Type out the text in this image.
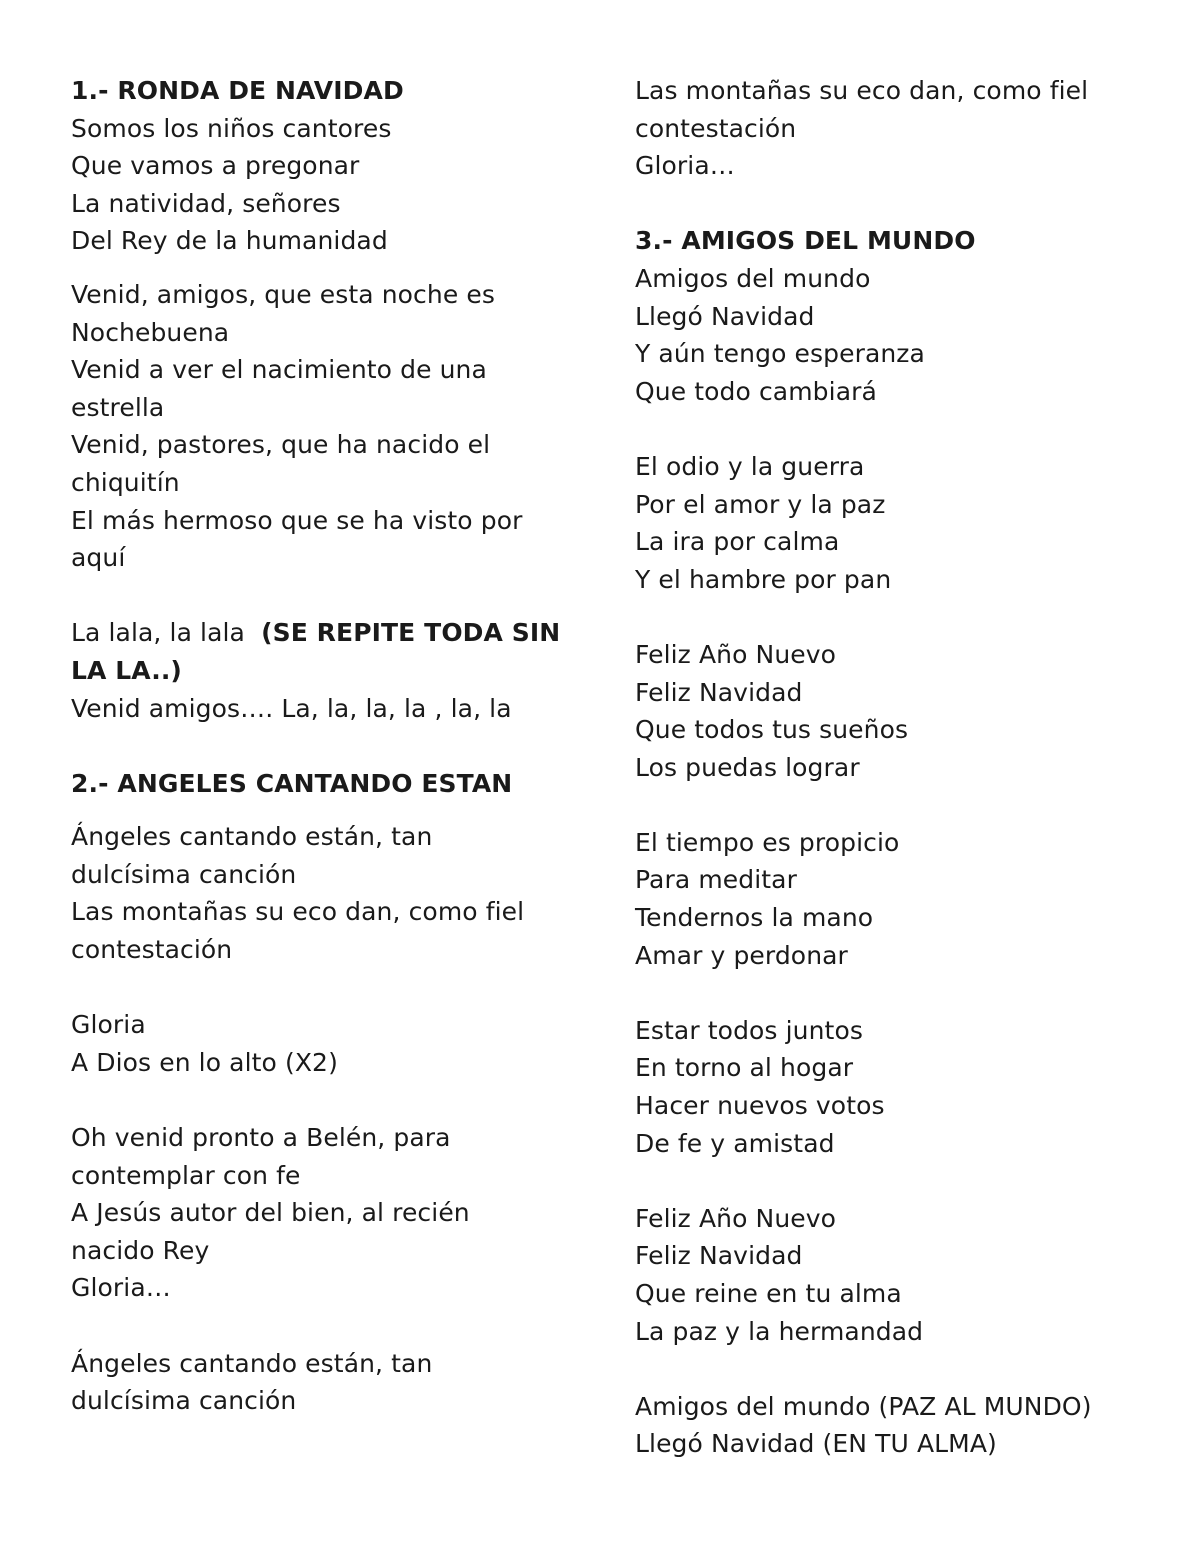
1.- RONDA DE NAVIDAD
Somos los niños cantores
Que vamos a pregonar
La natividad, señores
Del Rey de la humanidad
Venid, amigos, que esta noche es
Nochebuena
Venid a ver el nacimiento de una
estrella
Venid, pastores, que ha nacido el
chiquitín
El más hermoso que se ha visto por
aquí
La lala, la lala  (SE REPITE TODA SIN
LA LA..)
Venid amigos…. La, la, la, la , la, la
2.- ANGELES CANTANDO ESTAN
Ángeles cantando están, tan
dulcísima canción
Las montañas su eco dan, como fiel
contestación
Gloria
A Dios en lo alto (X2)
Oh venid pronto a Belén, para
contemplar con fe
A Jesús autor del bien, al recién
nacido Rey
Gloria…
Ángeles cantando están, tan
dulcísima canción
Las montañas su eco dan, como fiel
contestación
Gloria…
3.- AMIGOS DEL MUNDO
Amigos del mundo
Llegó Navidad
Y aún tengo esperanza
Que todo cambiará
El odio y la guerra
Por el amor y la paz
La ira por calma
Y el hambre por pan
Feliz Año Nuevo
Feliz Navidad
Que todos tus sueños
Los puedas lograr
El tiempo es propicio
Para meditar
Tendernos la mano
Amar y perdonar
Estar todos juntos
En torno al hogar
Hacer nuevos votos
De fe y amistad
Feliz Año Nuevo
Feliz Navidad
Que reine en tu alma
La paz y la hermandad
Amigos del mundo (PAZ AL MUNDO)
Llegó Navidad (EN TU ALMA)
